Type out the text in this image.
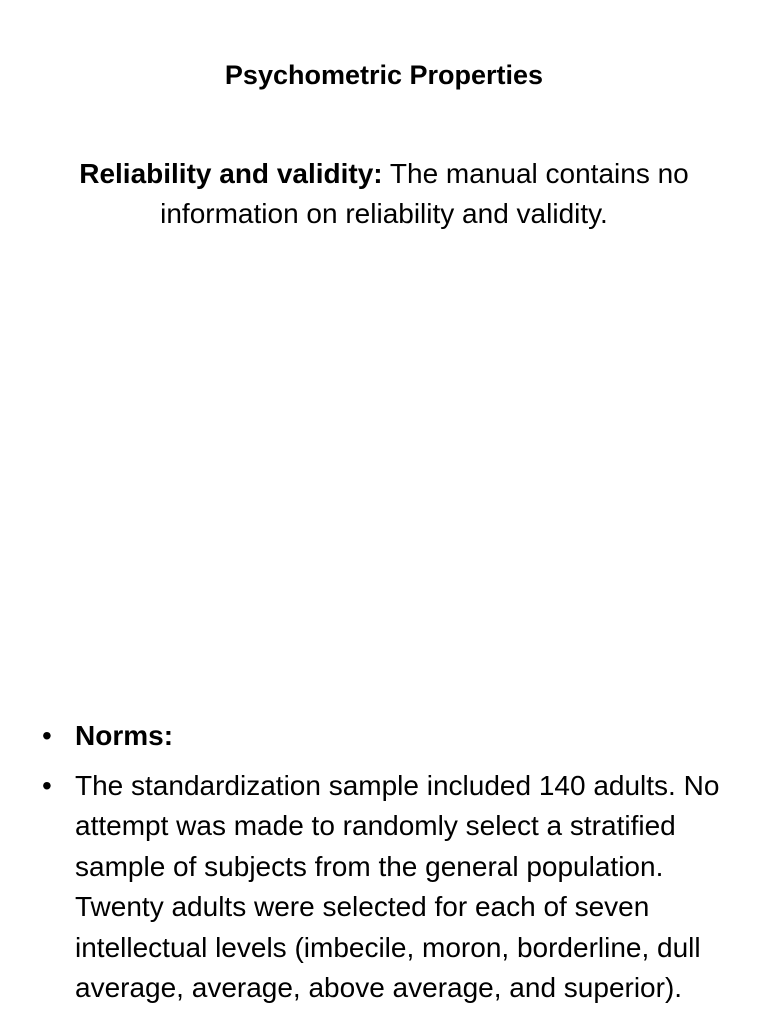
Psychometric Properties

Reliability and validity: The manual contains no information on reliability and validity.

• Norms:
• The standardization sample included 140 adults. No attempt was made to randomly select a stratified sample of subjects from the general population. Twenty adults were selected for each of seven intellectual levels (imbecile, moron, borderline, dull average, average, above average, and superior).
